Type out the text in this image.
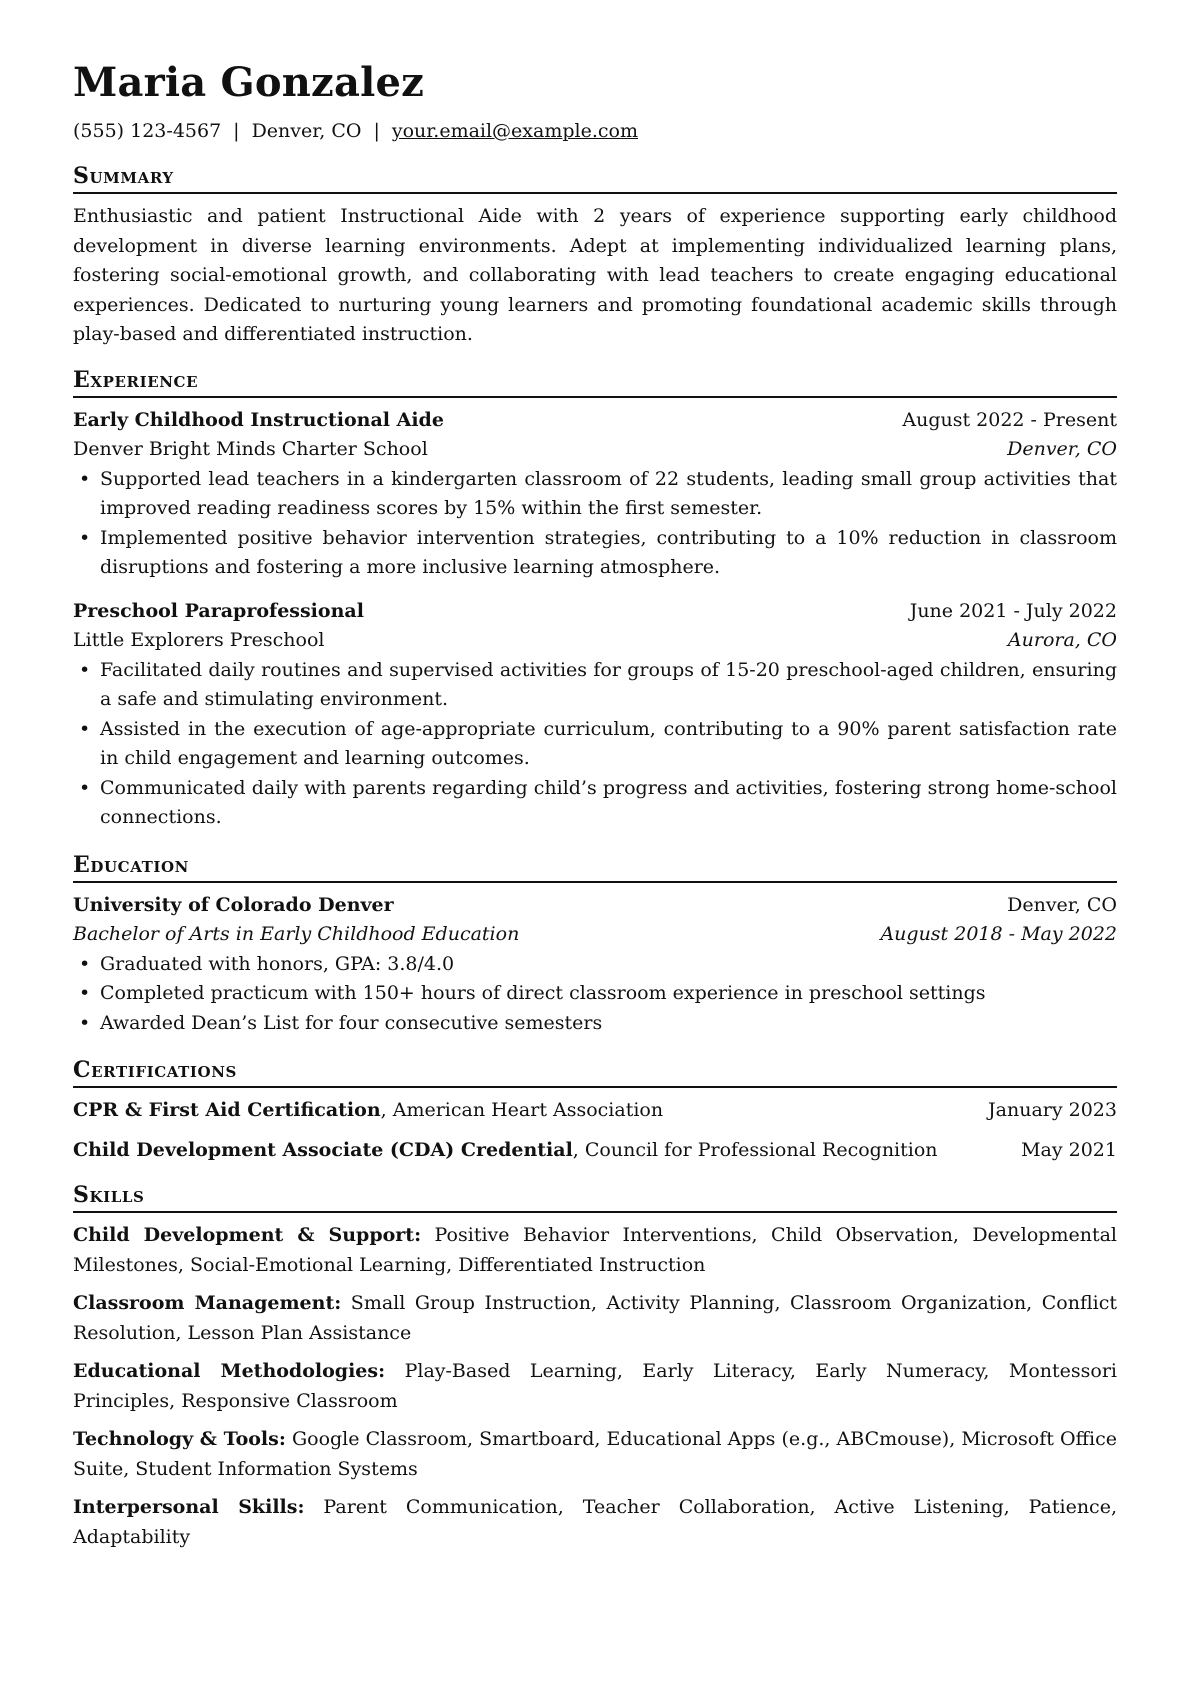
Maria Gonzalez
(555) 123-4567 | Denver, CO | your.email@example.com
Summary
Enthusiastic and patient Instructional Aide with 2 years of experience supporting early childhood development in diverse learning environments. Adept at implementing individualized learning plans, fostering social-emotional growth, and collaborating with lead teachers to create engaging educational experiences. Dedicated to nurturing young learners and promoting foundational academic skills through play-based and differentiated instruction.
Experience
Early Childhood Instructional Aide	August 2022 - Present
Denver Bright Minds Charter School	Denver, CO
• Supported lead teachers in a kindergarten classroom of 22 students, leading small group activities that improved reading readiness scores by 15% within the first semester.
• Implemented positive behavior intervention strategies, contributing to a 10% reduction in classroom disruptions and fostering a more inclusive learning atmosphere.
Preschool Paraprofessional	June 2021 - July 2022
Little Explorers Preschool	Aurora, CO
• Facilitated daily routines and supervised activities for groups of 15-20 preschool-aged children, ensuring a safe and stimulating environment.
• Assisted in the execution of age-appropriate curriculum, contributing to a 90% parent satisfaction rate in child engagement and learning outcomes.
• Communicated daily with parents regarding child’s progress and activities, fostering strong home-school connections.
Education
University of Colorado Denver	Denver, CO
Bachelor of Arts in Early Childhood Education	August 2018 - May 2022
• Graduated with honors, GPA: 3.8/4.0
• Completed practicum with 150+ hours of direct classroom experience in preschool settings
• Awarded Dean’s List for four consecutive semesters
Certifications
CPR & First Aid Certification, American Heart Association	January 2023
Child Development Associate (CDA) Credential, Council for Professional Recognition	May 2021
Skills
Child Development & Support: Positive Behavior Interventions, Child Observation, Developmental Milestones, Social-Emotional Learning, Differentiated Instruction
Classroom Management: Small Group Instruction, Activity Planning, Classroom Organization, Conflict Resolution, Lesson Plan Assistance
Educational Methodologies: Play-Based Learning, Early Literacy, Early Numeracy, Montessori Principles, Responsive Classroom
Technology & Tools: Google Classroom, Smartboard, Educational Apps (e.g., ABCmouse), Microsoft Office Suite, Student Information Systems
Interpersonal Skills: Parent Communication, Teacher Collaboration, Active Listening, Patience, Adaptability
